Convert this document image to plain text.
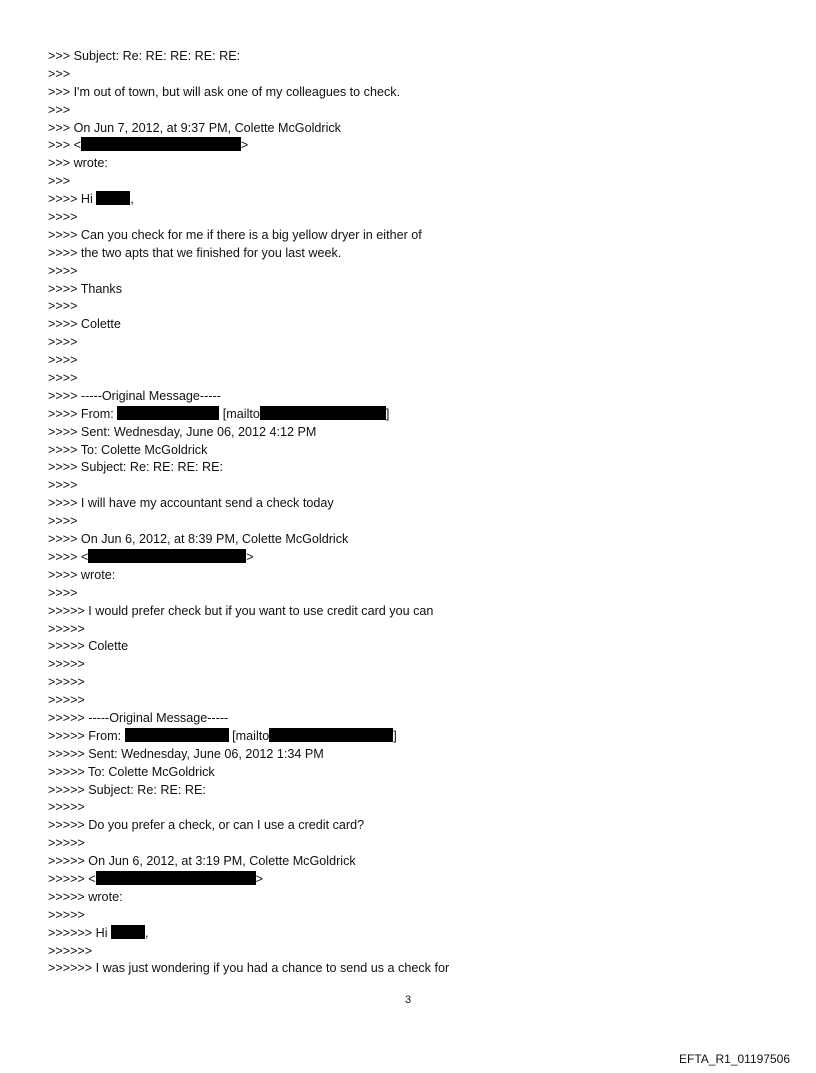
>>> Subject: Re: RE: RE: RE: RE:
>>>
>>> I'm out of town, but will ask one of my colleagues to check.
>>>
>>> On Jun 7, 2012, at 9:37 PM, Colette McGoldrick
>>> <	>
>>> wrote:
>>>
>>>> Hi	,
>>>>
>>>> Can you check for me if there is a big yellow dryer in either of
>>>> the two apts that we finished for you last week.
>>>>
>>>> Thanks
>>>>
>>>> Colette
>>>>
>>>>
>>>>
>>>> -----Original Message-----
>>>> From:	[mailto	]
>>>> Sent: Wednesday, June 06, 2012 4:12 PM
>>>> To: Colette McGoldrick
>>>> Subject: Re: RE: RE: RE:
>>>>
>>>> I will have my accountant send a check today
>>>>
>>>> On Jun 6, 2012, at 8:39 PM, Colette McGoldrick
>>>> <	>
>>>> wrote:
>>>>
>>>>> I would prefer check but if you want to use credit card you can
>>>>>
>>>>> Colette
>>>>>
>>>>>
>>>>>
>>>>> -----Original Message-----
>>>>> From:	[mailto	]
>>>>> Sent: Wednesday, June 06, 2012 1:34 PM
>>>>> To: Colette McGoldrick
>>>>> Subject: Re: RE: RE:
>>>>>
>>>>> Do you prefer a check, or can I use a credit card?
>>>>>
>>>>> On Jun 6, 2012, at 3:19 PM, Colette McGoldrick
>>>>> <	>
>>>>> wrote:
>>>>>
>>>>>> Hi	,
>>>>>>
>>>>>> I was just wondering if you had a chance to send us a check for
3
EFTA_R1_01197506
